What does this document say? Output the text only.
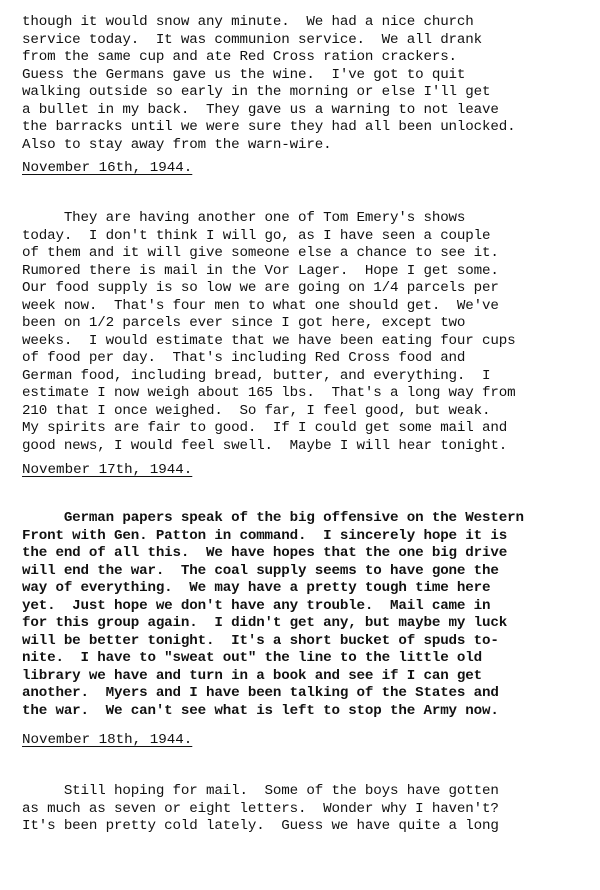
though it would snow any minute.  We had a nice church
service today.  It was communion service.  We all drank
from the same cup and ate Red Cross ration crackers.
Guess the Germans gave us the wine.  I've got to quit
walking outside so early in the morning or else I'll get
a bullet in my back.  They gave us a warning to not leave
the barracks until we were sure they had all been unlocked.
Also to stay away from the warn-wire.
November 16th, 1944.
They are having another one of Tom Emery's shows
today.  I don't think I will go, as I have seen a couple
of them and it will give someone else a chance to see it.
Rumored there is mail in the Vor Lager.  Hope I get some.
Our food supply is so low we are going on 1/4 parcels per
week now.  That's four men to what one should get.  We've
been on 1/2 parcels ever since I got here, except two
weeks.  I would estimate that we have been eating four cups
of food per day.  That's including Red Cross food and
German food, including bread, butter, and everything.  I
estimate I now weigh about 165 lbs.  That's a long way from
210 that I once weighed.  So far, I feel good, but weak.
My spirits are fair to good.  If I could get some mail and
good news, I would feel swell.  Maybe I will hear tonight.
November 17th, 1944.
German papers speak of the big offensive on the Western
Front with Gen. Patton in command.  I sincerely hope it is
the end of all this.  We have hopes that the one big drive
will end the war.  The coal supply seems to have gone the
way of everything.  We may have a pretty tough time here
yet.  Just hope we don't have any trouble.  Mail came in
for this group again.  I didn't get any, but maybe my luck
will be better tonight.  It's a short bucket of spuds to-
nite.  I have to "sweat out" the line to the little old
library we have and turn in a book and see if I can get
another.  Myers and I have been talking of the States and
the war.  We can't see what is left to stop the Army now.
November 18th, 1944.
Still hoping for mail.  Some of the boys have gotten
as much as seven or eight letters.  Wonder why I haven't?
It's been pretty cold lately.  Guess we have quite a long
